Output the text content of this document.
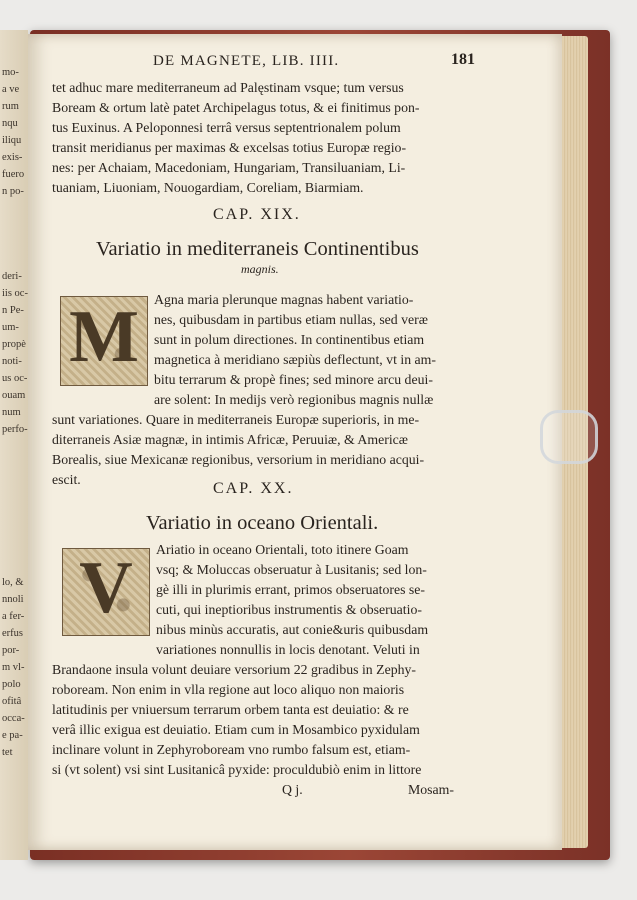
mo-
a ve
rum
nqu
iliqu
exis-
fuero
n po-

deri-
iis oc-
n Pe-
um-
propè
noti-
us oc-
ouam
num
perfo-

lo, &
nnoli
a fer-
erfus
por-
m vl-
polo
ofitâ
occa-
e pa-
tet
DE MAGNETE, LIB. IIII.	181
tet adhuc mare mediterraneum ad Palęstinam vsque; tum versus
Boream & ortum latè patet Archipelagus totus, & ei finitimus pon-
tus Euxinus. A Peloponnesi terrâ versus septentrionalem polum
transit meridianus per maximas & excelsas totius Europæ regio-
nes: per Achaiam, Macedoniam, Hungariam, Transiluaniam, Li-
tuaniam, Liuoniam, Nouogardiam, Coreliam, Biarmiam.
CAP. XIX.
Variatio in mediterraneis Continentibus
magnis.
M	Agna maria plerunque magnas habent variatio-
nes, quibusdam in partibus etiam nullas, sed veræ
sunt in polum directiones. In continentibus etiam
magnetica à meridiano sæpiùs deflectunt, vt in am-
bitu terrarum & propè fines; sed minore arcu deui-
are solent: In medijs verò regionibus magnis nullæ
sunt variationes. Quare in mediterraneis Europæ superioris, in me-
diterraneis Asiæ magnæ, in intimis Africæ, Peruuiæ, & Americæ
Borealis, siue Mexicanæ regionibus, versorium in meridiano acqui-
escit.
CAP. XX.
Variatio in oceano Orientali.
V	Ariatio in oceano Orientali, toto itinere Goam
vsq; & Moluccas obseruatur à Lusitanis; sed lon-
gè illi in plurimis errant, primos obseruatores se-
cuti, qui ineptioribus instrumentis & obseruatio-
nibus minùs accuratis, aut conie&uris quibusdam
variationes nonnullis in locis denotant. Veluti in
Brandaone insula volunt deuiare versorium 22 gradibus in Zephy-
roboream. Non enim in vlla regione aut loco aliquo non maioris
latitudinis per vniuersum terrarum orbem tanta est deuiatio: & re
verâ illic exigua est deuiatio. Etiam cum in Mosambico pyxidulam
inclinare volunt in Zephyroboream vno rumbo falsum est, etiam-
si (vt solent) vsi sint Lusitanicâ pyxide: proculdubiò enim in littore
Q j.	Mosam-
